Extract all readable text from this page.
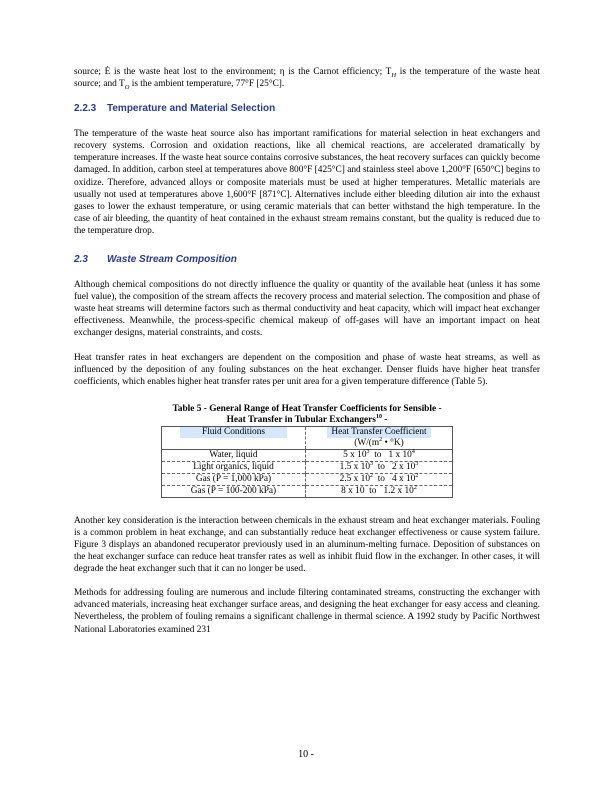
source; Ė is the waste heat lost to the environment; η is the Carnot efficiency; $T_H$ is the temperature of the waste heat source; and $T_O$ is the ambient temperature, 77°F [25°C].

2.2.3 Temperature and Material Selection

The temperature of the waste heat source also has important ramifications for material selection in heat exchangers and recovery systems. Corrosion and oxidation reactions, like all chemical reactions, are accelerated dramatically by temperature increases. If the waste heat source contains corrosive substances, the heat recovery surfaces can quickly become damaged. In addition, carbon steel at temperatures above 800°F [425°C] and stainless steel above 1,200°F [650°C] begins to oxidize. Therefore, advanced alloys or composite materials must be used at higher temperatures. Metallic materials are usually not used at temperatures above 1,600°F [871°C]. Alternatives include either bleeding dilution air into the exhaust gases to lower the exhaust temperature, or using ceramic materials that can better withstand the high temperature. In the case of air bleeding, the quantity of heat contained in the exhaust stream remains constant, but the quality is reduced due to the temperature drop.

2.3 Waste Stream Composition

Although chemical compositions do not directly influence the quality or quantity of the available heat (unless it has some fuel value), the composition of the stream affects the recovery process and material selection. The composition and phase of waste heat streams will determine factors such as thermal conductivity and heat capacity, which will impact heat exchanger effectiveness. Meanwhile, the process-specific chemical makeup of off-gases will have an important impact on heat exchanger designs, material constraints, and costs.

Heat transfer rates in heat exchangers are dependent on the composition and phase of waste heat streams, as well as influenced by the deposition of any fouling substances on the heat exchanger. Denser fluids have higher heat transfer coefficients, which enables higher heat transfer rates per unit area for a given temperature difference (Table 5).

Table 5 - General Range of Heat Transfer Coefficients for Sensible -
Heat Transfer in Tubular Exchangers$^{10}$ -
Fluid Conditions	Heat Transfer Coefficient
($W/(m^2$ • °K)
Water, liquid	5 x $10^3$ to 1 x $10^4$
Light organics, liquid	1.5 x $10^3$ to 2 x $10^3$
Gas (P = 1,000 kPa)	2.5 x $10^2$ to 4 x $10^2$
Gas (P = 100-200 kPa)	8 x 10 to 1.2 x $10^2$

Another key consideration is the interaction between chemicals in the exhaust stream and heat exchanger materials. Fouling is a common problem in heat exchange, and can substantially reduce heat exchanger effectiveness or cause system failure. Figure 3 displays an abandoned recuperator previously used in an aluminum-melting furnace. Deposition of substances on the heat exchanger surface can reduce heat transfer rates as well as inhibit fluid flow in the exchanger. In other cases, it will degrade the heat exchanger such that it can no longer be used.

Methods for addressing fouling are numerous and include filtering contaminated streams, constructing the exchanger with advanced materials, increasing heat exchanger surface areas, and designing the heat exchanger for easy access and cleaning. Nevertheless, the problem of fouling remains a significant challenge in thermal science. A 1992 study by Pacific Northwest National Laboratories examined 231

10 -
